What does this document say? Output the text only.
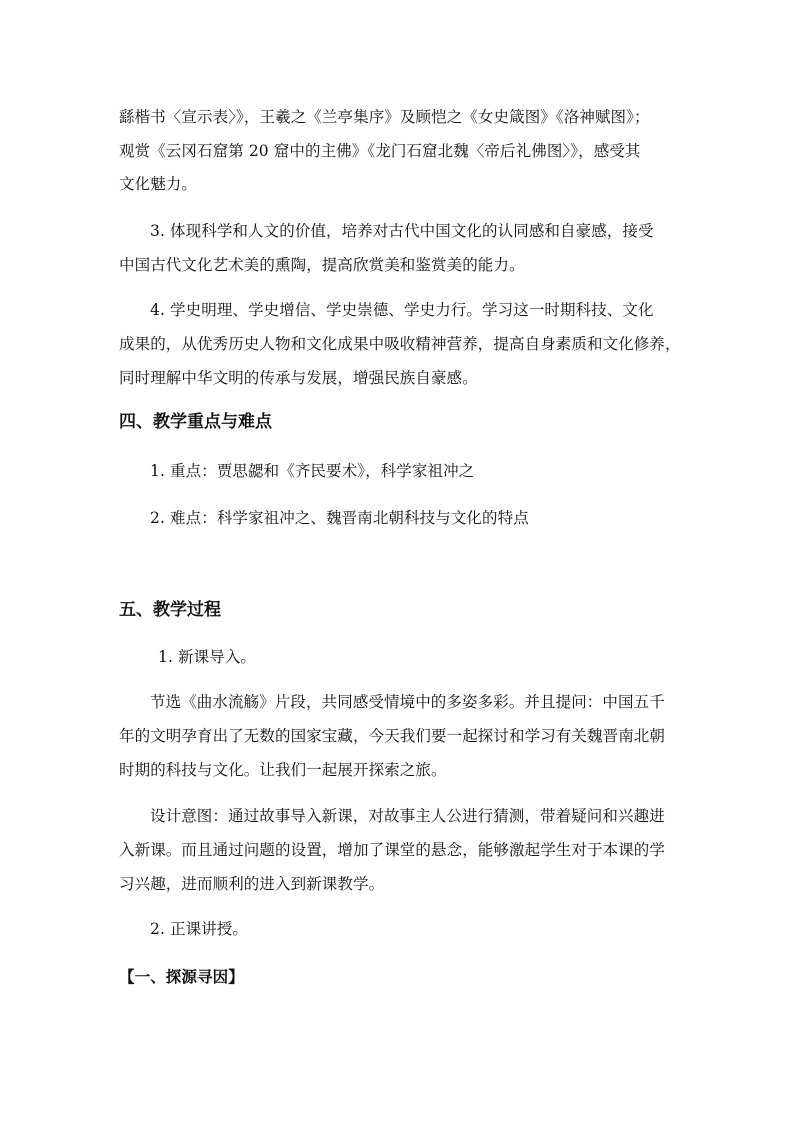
繇楷书〈宣示表〉》，王羲之《兰亭集序》及顾恺之《女史箴图》《洛神赋图》；
观赏《云冈石窟第 20 窟中的主佛》《龙门石窟北魏〈帝后礼佛图〉》，感受其
文化魅力。
3. 体现科学和人文的价值，培养对古代中国文化的认同感和自豪感，接受
中国古代文化艺术美的熏陶，提高欣赏美和鉴赏美的能力。
4. 学史明理、学史增信、学史崇德、学史力行。学习这一时期科技、文化
成果的，从优秀历史人物和文化成果中吸收精神营养，提高自身素质和文化修养，
同时理解中华文明的传承与发展，增强民族自豪感。
四、教学重点与难点
1. 重点：贾思勰和《齐民要术》，科学家祖冲之
2. 难点：科学家祖冲之、魏晋南北朝科技与文化的特点
五、教学过程
1. 新课导入。
节选《曲水流觞》片段，共同感受情境中的多姿多彩。并且提问：中国五千
年的文明孕育出了无数的国家宝藏，今天我们要一起探讨和学习有关魏晋南北朝
时期的科技与文化。让我们一起展开探索之旅。
设计意图：通过故事导入新课，对故事主人公进行猜测，带着疑问和兴趣进
入新课。而且通过问题的设置，增加了课堂的悬念，能够激起学生对于本课的学
习兴趣，进而顺利的进入到新课教学。
2. 正课讲授。
【一、探源寻因】
